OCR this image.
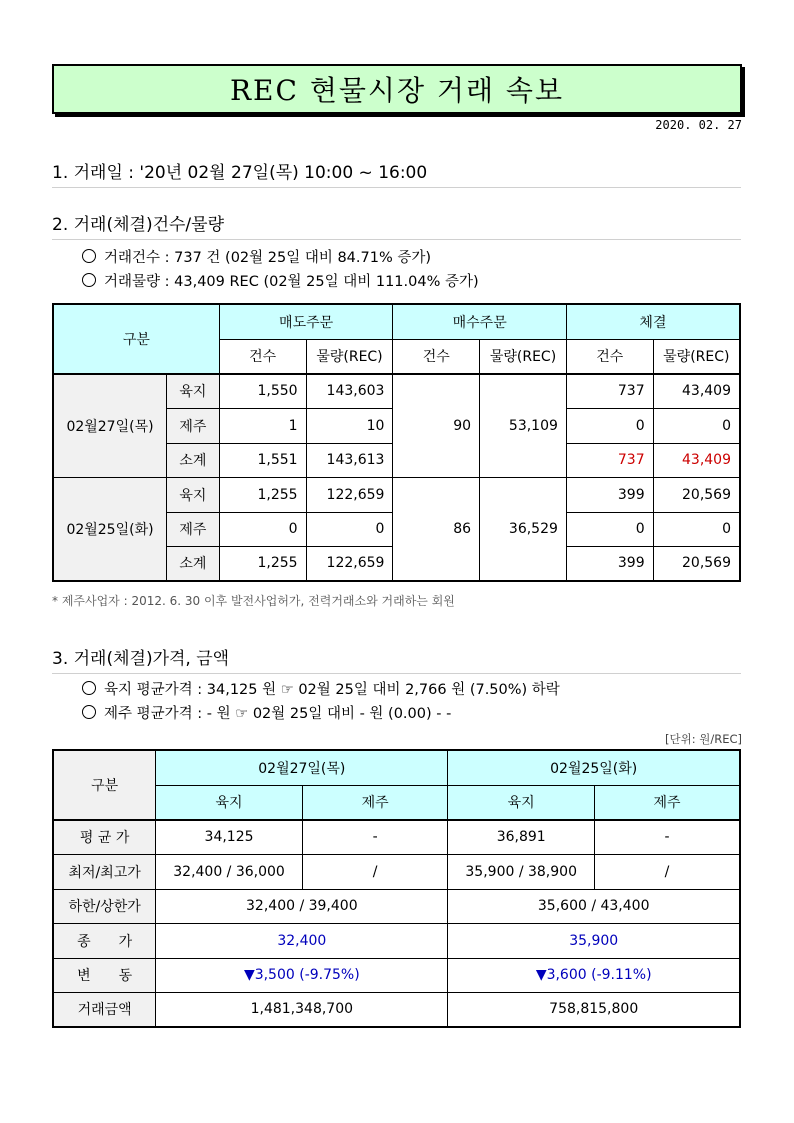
REC 현물시장 거래 속보
2020. 02. 27
1. 거래일 : '20년 02월 27일(목) 10:00 ~ 16:00
2. 거래(체결)건수/물량
거래건수 : 737 건 (02월 25일 대비 84.71% 증가)
거래물량 : 43,409 REC (02월 25일 대비 111.04% 증가)
구분		매도주문		매수주문		체결	
		건수	물량(REC)	건수	물량(REC)	건수	물량(REC)
02월27일(목)	육지	1,550	143,603	90	53,109	737	43,409
	제주	1	10			0	0
	소계	1,551	143,613			737	43,409
02월25일(화)	육지	1,255	122,659	86	36,529	399	20,569
	제주	0	0			0	0
	소계	1,255	122,659			399	20,569
* 제주사업자 : 2012. 6. 30 이후 발전사업허가, 전력거래소와 거래하는 회원
3. 거래(체결)가격, 금액
육지 평균가격 : 34,125 원 ☞ 02월 25일 대비 2,766 원 (7.50%) 하락
제주 평균가격 : - 원 ☞ 02월 25일 대비 - 원 (0.00) - -
[단위: 원/REC]
구분	02월27일(목)		02월25일(화)	
	육지	제주	육지	제주
평 균 가	34,125	-	36,891	-
최저/최고가	32,400 / 36,000	/	35,900 / 38,900	/
하한/상한가	32,400 / 39,400		35,600 / 43,400	
종　　가	32,400		35,900	
변　　동	▼3,500 (-9.75%)		▼3,600 (-9.11%)	
거래금액	1,481,348,700		758,815,800	
